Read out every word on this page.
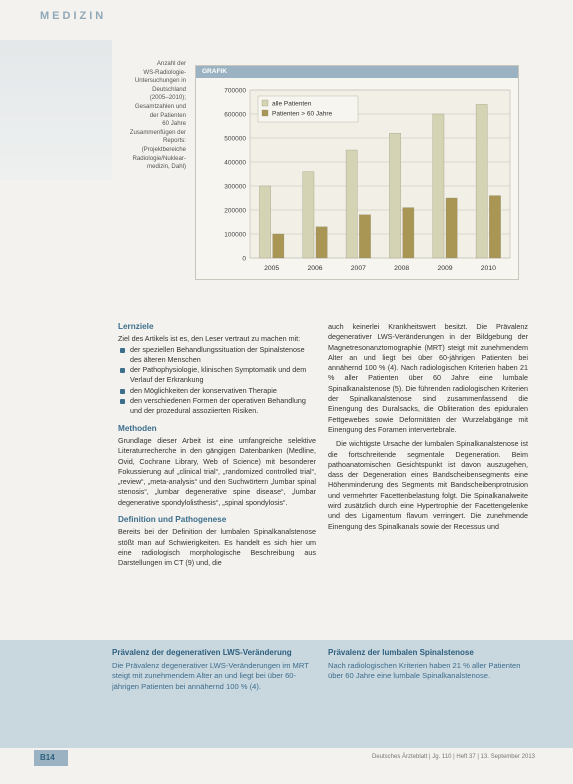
MEDIZIN
Anzahl der
WS-Radiologie-
Untersuchungen in
Deutschland
(2005–2010);
Gesamtzahlen und
der Patienten
60 Jahre
Zusammenfügen der
Reports:
(Projektbereiche
Radiologie/Nuklear-
medizin, Dahl)
GRAFIK
0
100000
200000
300000
400000
500000
600000
700000
2005	2006	2007	2008	2009	2010
alle Patienten
Patienten > 60 Jahre
Lernziele
Ziel des Artikels ist es, den Leser vertraut zu machen mit:
der speziellen Behandlungssituation der Spinalstenose des älteren Menschen
der Pathophysiologie, klinischen Symptomatik und dem Verlauf der Erkrankung
den Möglichkeiten der konservativen Therapie
den verschiedenen Formen der operativen Behandlung und der prozedural assoziierten Risiken.
Methoden
Grundlage dieser Arbeit ist eine umfangreiche selektive Literaturrecherche in den gängigen Datenbanken (Medline, Ovid, Cochrane Library, Web of Science) mit besonderer Fokussierung auf „clinical trial“, „randomized controlled trial“, „review“, „meta-analysis“ und den Suchwörtern „lumbar spinal stenosis“, „lumbar degenerative spine disease“, „lumbar degenerative spondylolisthesis“, „spinal spondylosis“.
Definition und Pathogenese
Bereits bei der Definition der lumbalen Spinalkanalstenose stößt man auf Schwierigkeiten. Es handelt es sich hier um eine radiologisch morphologische Beschreibung aus Darstellungen im CT (9) und, die

auch keinerlei Krankheitswert besitzt. Die Prävalenz degenerativer LWS-Veränderungen in der Bildgebung der Magnetresonanztomographie (MRT) steigt mit zunehmendem Alter an und liegt bei über 60-jährigen Patienten bei annähernd 100 % (4). Nach radiologischen Kriterien haben 21 % aller Patienten über 60 Jahre eine lumbale Spinalkanalstenose (5). Die führenden radiologischen Kriterien der Spinalkanalstenose sind zusammenfassend die Einengung des Duralsacks, die Obliteration des epiduralen Fettgewebes sowie Deformitäten der Wurzelabgänge mit Einengung des Foramen intervertebrale.

Die wichtigste Ursache der lumbalen Spinalkanalstenose ist die fortschreitende segmentale Degeneration. Beim pathoanatomischen Gesichtspunkt ist davon auszugehen, dass der Degeneration eines Bandscheibensegments eine Höhenminderung des Segments mit Bandscheibenprotrusion und vermehrter Facettenbelastung folgt. Die Spinalkanalweite wird zusätzlich durch eine Hypertrophie der Facettengelenke und des Ligamentum flavum verringert. Die zunehmende Einengung des Spinalkanals sowie der Recessus und

Prävalenz der degenerativen LWS-Veränderung
Die Prävalenz degenerativer LWS-Veränderungen im MRT steigt mit zunehmendem Alter an und liegt bei über 60-jährigen Patienten bei annähernd 100 % (4).
Prävalenz der lumbalen Spinalstenose
Nach radiologischen Kriterien haben 21 % aller Patienten über 60 Jahre eine lumbale Spinalkanalstenose.
B14	Deutsches Ärzteblatt | Jg. 110 | Heft 37 | 13. September 2013
